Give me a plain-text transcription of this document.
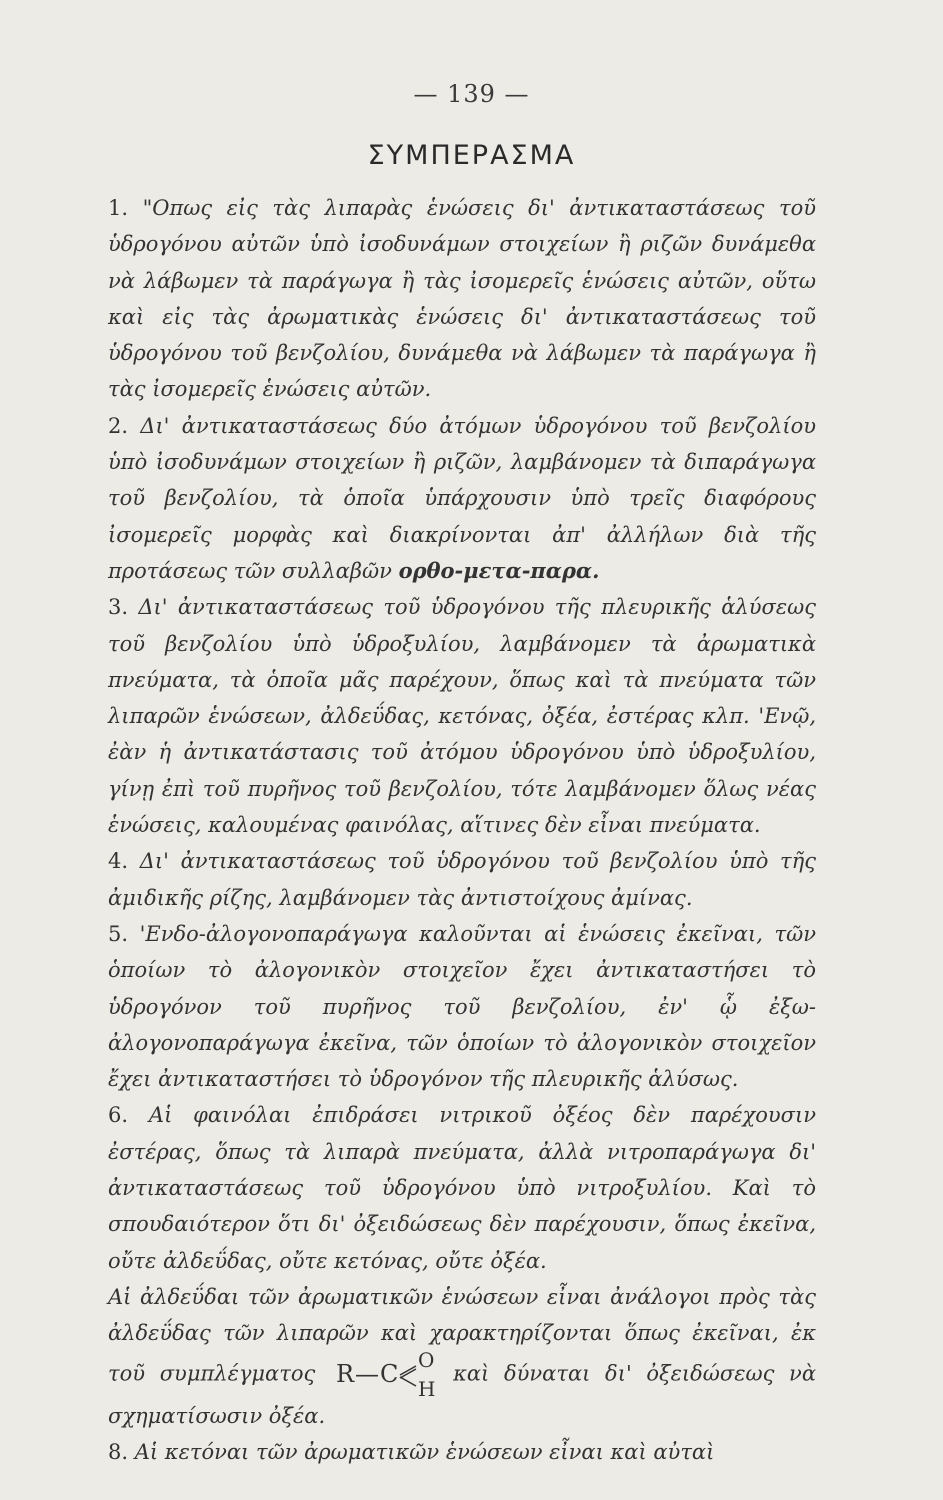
— 139 —
ΣΥΜΠΕΡΑΣΜΑ

1. "Οπως εἰς τὰς λιπαρὰς ἑνώσεις δι' ἀντικαταστάσεως τοῦ ὑδρογόνου αὐτῶν ὑπὸ ἰσοδυνάμων στοιχείων ἢ ριζῶν δυνάμεθα νὰ λάβωμεν τὰ παράγωγα ἢ τὰς ἰσομερεῖς ἑνώσεις αὐτῶν, οὕτω καὶ εἰς τὰς ἀρωματικὰς ἑνώσεις δι' ἀντικαταστάσεως τοῦ ὑδρογόνου τοῦ βενζολίου, δυνάμεθα νὰ λάβωμεν τὰ παράγωγα ἢ τὰς ἰσομερεῖς ἑνώσεις αὐτῶν.

2. Δι' ἀντικαταστάσεως δύο ἀτόμων ὑδρογόνου τοῦ βενζολίου ὑπὸ ἰσοδυνάμων στοιχείων ἢ ριζῶν, λαμβάνομεν τὰ διπαράγωγα τοῦ βενζολίου, τὰ ὁποῖα ὑπάρχουσιν ὑπὸ τρεῖς διαφόρους ἰσομερεῖς μορφὰς καὶ διακρίνονται ἀπ' ἀλλήλων διὰ τῆς προτάσεως τῶν συλλαβῶν ορθο-μετα-παρα.

3. Δι' ἀντικαταστάσεως τοῦ ὑδρογόνου τῆς πλευρικῆς ἁλύσεως τοῦ βενζολίου ὑπὸ ὑδροξυλίου, λαμβάνομεν τὰ ἀρωματικὰ πνεύματα, τὰ ὁποῖα μᾶς παρέχουν, ὅπως καὶ τὰ πνεύματα τῶν λιπαρῶν ἑνώσεων, ἀλδεΰδας, κετόνας, ὀξέα, ἐστέρας κλπ. 'Ενῷ, ἐὰν ἡ ἀντικατάστασις τοῦ ἀτόμου ὑδρογόνου ὑπὸ ὑδροξυλίου, γίνῃ ἐπὶ τοῦ πυρῆνος τοῦ βενζολίου, τότε λαμβάνομεν ὅλως νέας ἑνώσεις, καλουμένας φαινόλας, αἵτινες δὲν εἶναι πνεύματα.

4. Δι' ἀντικαταστάσεως τοῦ ὑδρογόνου τοῦ βενζολίου ὑπὸ τῆς ἀμιδικῆς ρίζης, λαμβάνομεν τὰς ἀντιστοίχους ἀμίνας.

5. 'Ενδο-ἀλογονοπαράγωγα καλοῦνται αἱ ἑνώσεις ἐκεῖναι, τῶν ὁποίων τὸ ἀλογονικὸν στοιχεῖον ἔχει ἀντικαταστήσει τὸ ὑδρογόνον τοῦ πυρῆνος τοῦ βενζολίου, ἐν' ᾧ ἐξω-ἀλογονοπαράγωγα ἐκεῖνα, τῶν ὁποίων τὸ ἀλογονικὸν στοιχεῖον ἔχει ἀντικαταστήσει τὸ ὑδρογόνον τῆς πλευρικῆς ἁλύσως.

6. Αἱ φαινόλαι ἐπιδράσει νιτρικοῦ ὀξέος δὲν παρέχουσιν ἐστέρας, ὅπως τὰ λιπαρὰ πνεύματα, ἀλλὰ νιτροπαράγωγα δι' ἀντικαταστάσεως τοῦ ὑδρογόνου ὑπὸ νιτροξυλίου. Καὶ τὸ σπουδαιότερον ὅτι δι' ὀξειδώσεως δὲν παρέχουσιν, ὅπως ἐκεῖνα, οὔτε ἀλδεΰδας, οὔτε κετόνας, οὔτε ὀξέα.

Αἱ ἀλδεΰδαι τῶν ἀρωματικῶν ἑνώσεων εἶναι ἀνάλογοι πρὸς τὰς ἀλδεΰδας τῶν λιπαρῶν καὶ χαρακτηρίζονται ὅπως ἐκεῖναι, ἐκ τοῦ συμπλέγματος R — C
O
H
καὶ δύναται δι' ὀξειδώσεως νὰ σχηματίσωσιν ὀξέα.

8. Αἱ κετόναι τῶν ἀρωματικῶν ἑνώσεων εἶναι καὶ αὐταὶ
